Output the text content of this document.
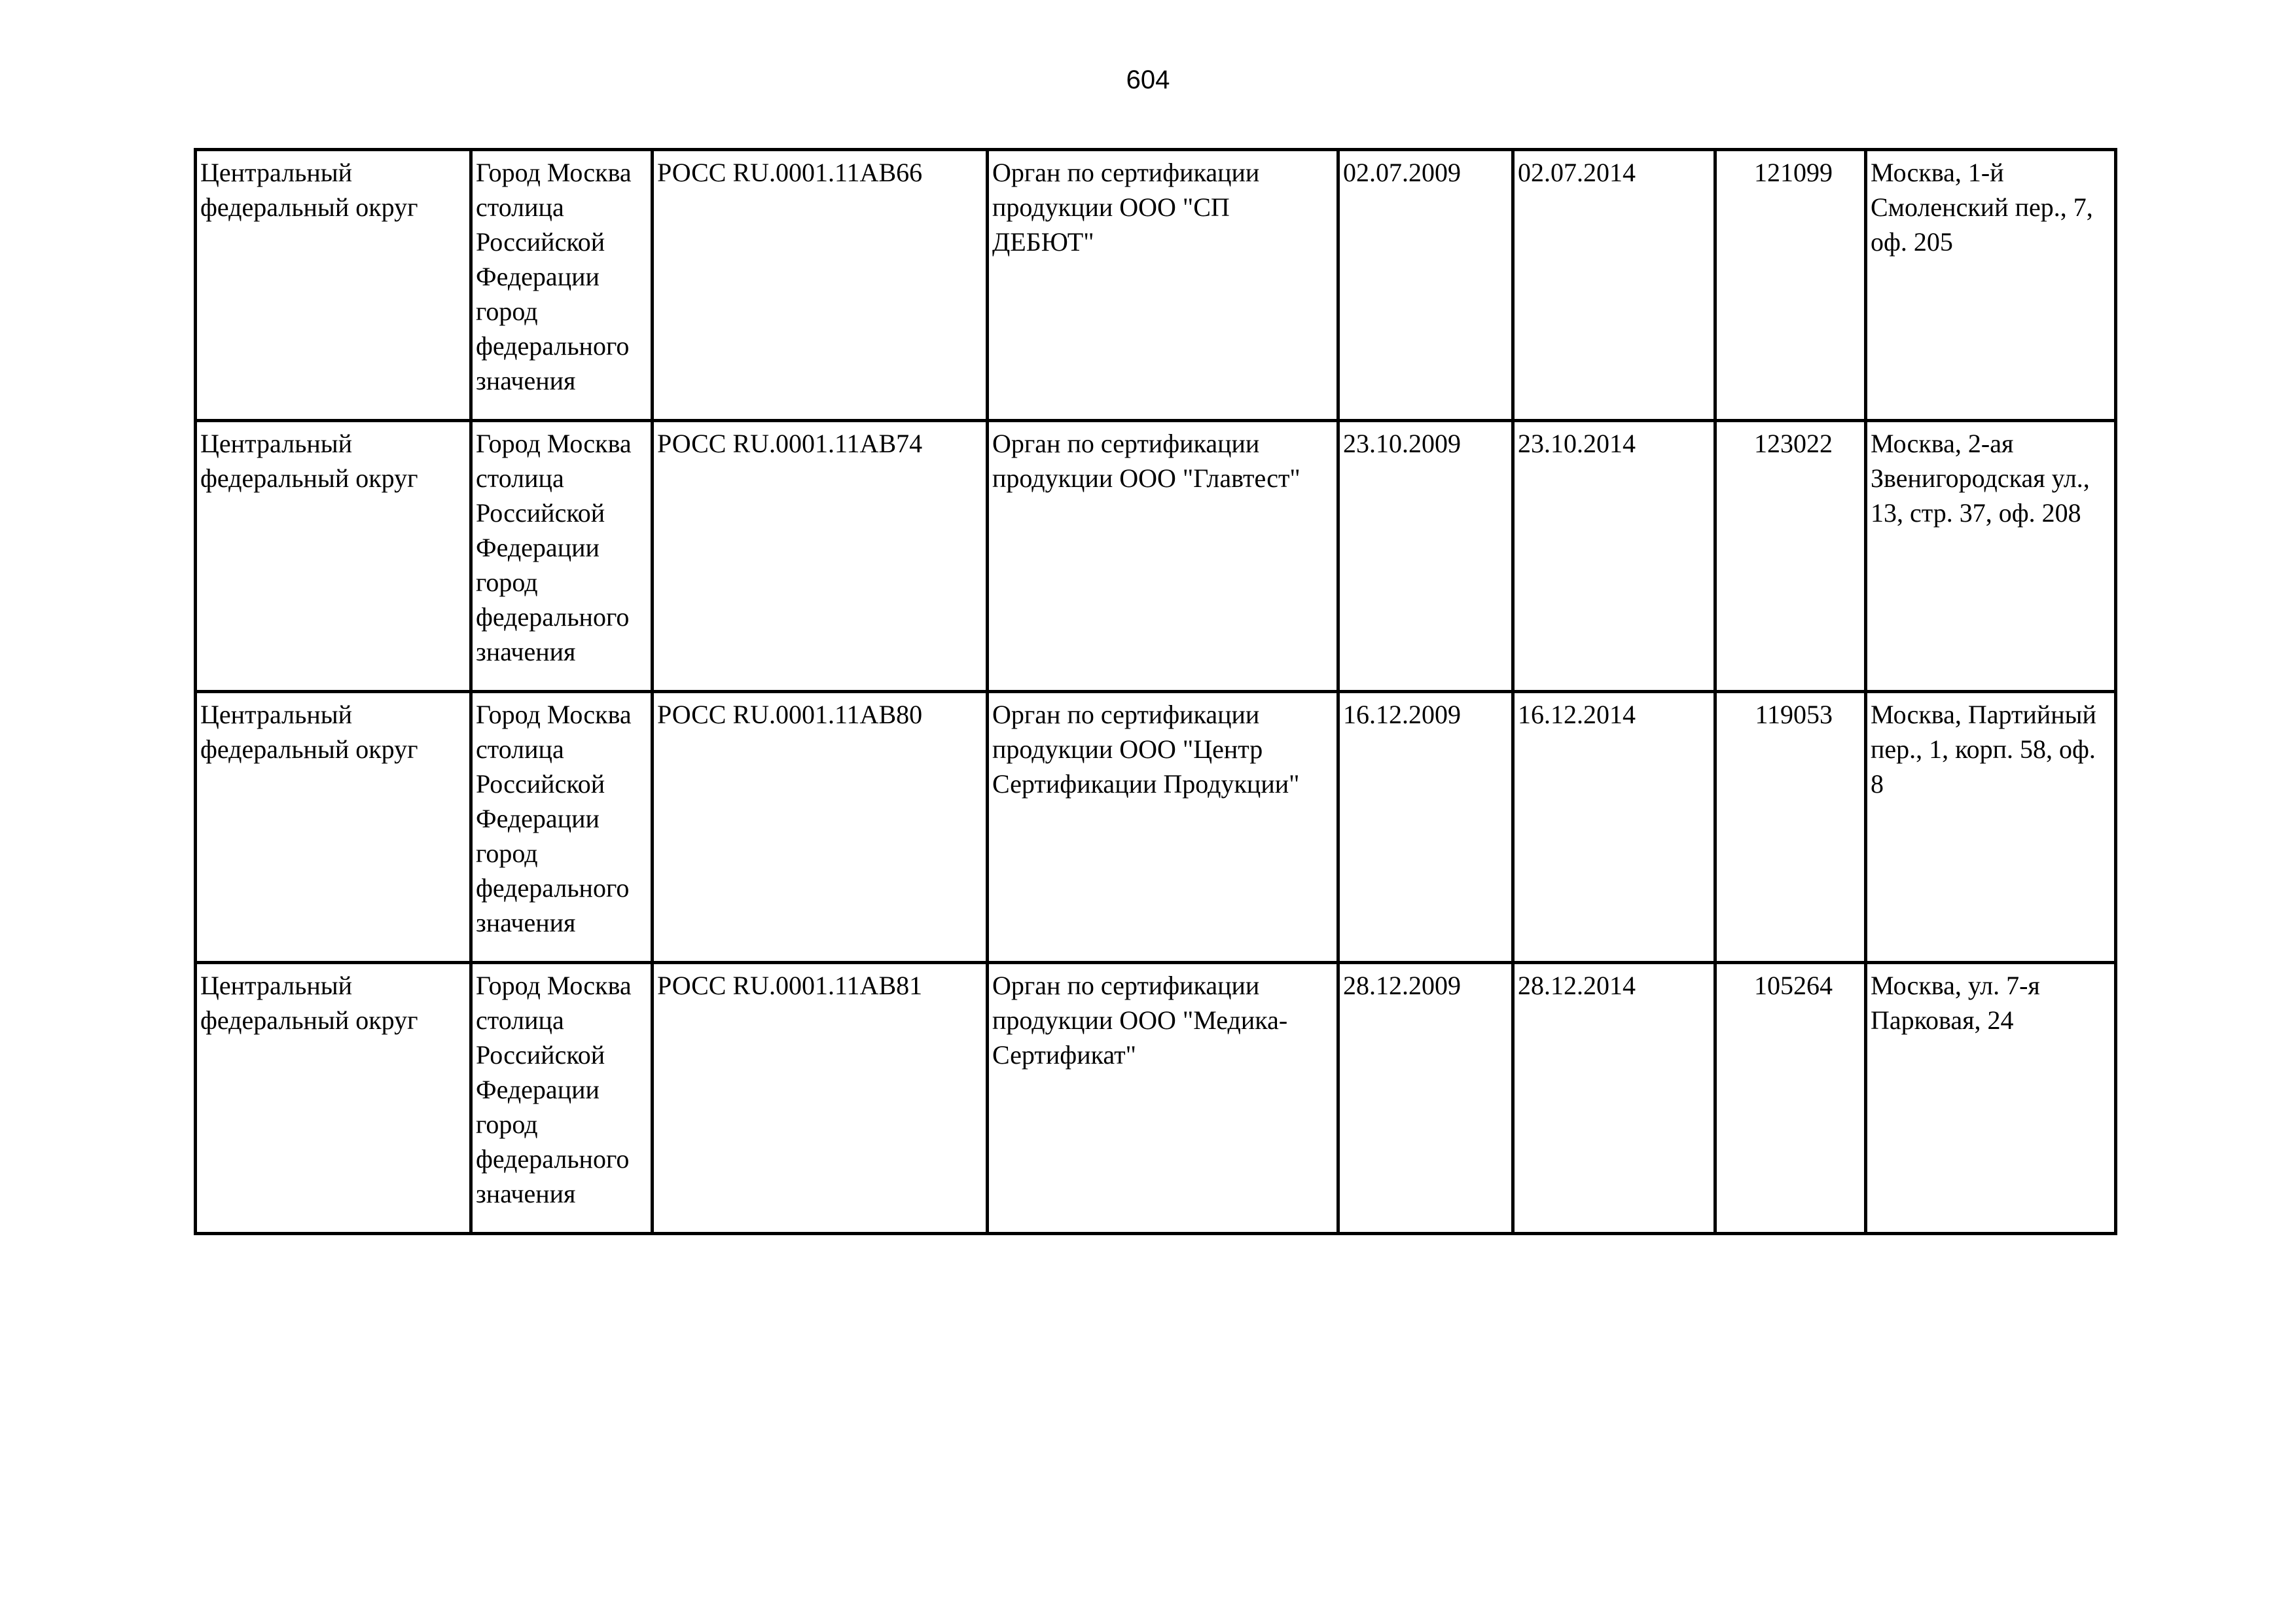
604
Центральный федеральный округ	Город Москва столица Российской Федерации город федерального значения	РОСС RU.0001.11АВ66	Орган по сертификации продукции ООО "СП ДЕБЮТ"	02.07.2009	02.07.2014	121099	Москва, 1-й Смоленский пер., 7, оф. 205

Центральный федеральный округ	Город Москва столица Российской Федерации город федерального значения	РОСС RU.0001.11АВ74	Орган по сертификации продукции ООО "Главтест"	23.10.2009	23.10.2014	123022	Москва, 2-ая Звенигородская ул., 13, стр. 37, оф. 208

Центральный федеральный округ	Город Москва столица Российской Федерации город федерального значения	РОСС RU.0001.11АВ80	Орган по сертификации продукции ООО "Центр Сертификации Продукции"	16.12.2009	16.12.2014	119053	Москва, Партийный пер., 1, корп. 58, оф. 8

Центральный федеральный округ	Город Москва столица Российской Федерации город федерального значения	РОСС RU.0001.11АВ81	Орган по сертификации продукции ООО "Медика-Сертификат"	28.12.2009	28.12.2014	105264	Москва, ул. 7-я Парковая, 24
